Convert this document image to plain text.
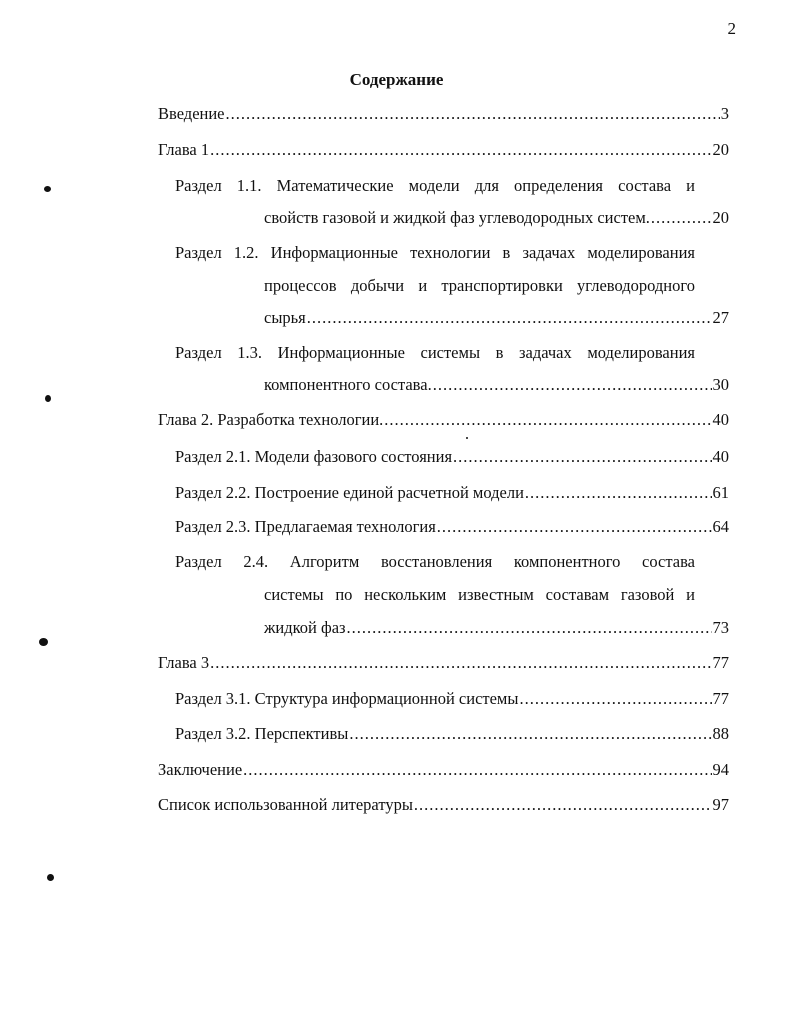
2
Содержание
Введение .....	3
Глава 1 .....	20
Раздел 1.1. Математические модели для определения состава и
свойств газовой и жидкой фаз углеводородных систем. .....	20
Раздел 1.2. Информационные технологии в задачах моделирования
процессов добычи и транспортировки углеводородного
сырья .....	27
Раздел 1.3. Информационные системы в задачах моделирования
компонентного состава. .....	30
Глава 2. Разработка технологии. .....	40
Раздел 2.1. Модели фазового состояния .....	40
Раздел 2.2. Построение единой расчетной модели .....	61
Раздел 2.3. Предлагаемая технология .....	64
Раздел 2.4. Алгоритм восстановления компонентного состава
системы по нескольким известным составам газовой и
жидкой фаз .....	73
Глава 3 .....	77
Раздел 3.1. Структура информационной системы .....	77
Раздел 3.2. Перспективы .....	88
Заключение .....	94
Список использованной литературы .....	97
